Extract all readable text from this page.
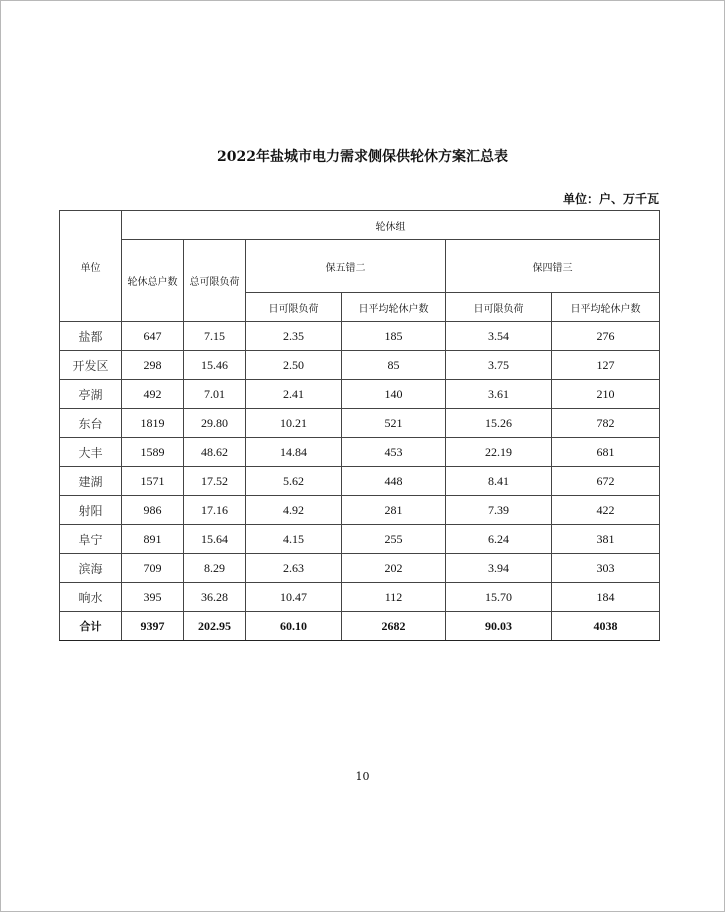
2022年盐城市电力需求侧保供轮休方案汇总表
单位：户、万千瓦
单位	轮休组					
	轮休总户数	总可限负荷	保五错二		保四错三	
			日可限负荷	日平均轮休户数	日可限负荷	日平均轮休户数
盐都	647	7.15	2.35	185	3.54	276
开发区	298	15.46	2.50	85	3.75	127
亭湖	492	7.01	2.41	140	3.61	210
东台	1819	29.80	10.21	521	15.26	782
大丰	1589	48.62	14.84	453	22.19	681
建湖	1571	17.52	5.62	448	8.41	672
射阳	986	17.16	4.92	281	7.39	422
阜宁	891	15.64	4.15	255	6.24	381
滨海	709	8.29	2.63	202	3.94	303
响水	395	36.28	10.47	112	15.70	184
合计	9397	202.95	60.10	2682	90.03	4038
10
